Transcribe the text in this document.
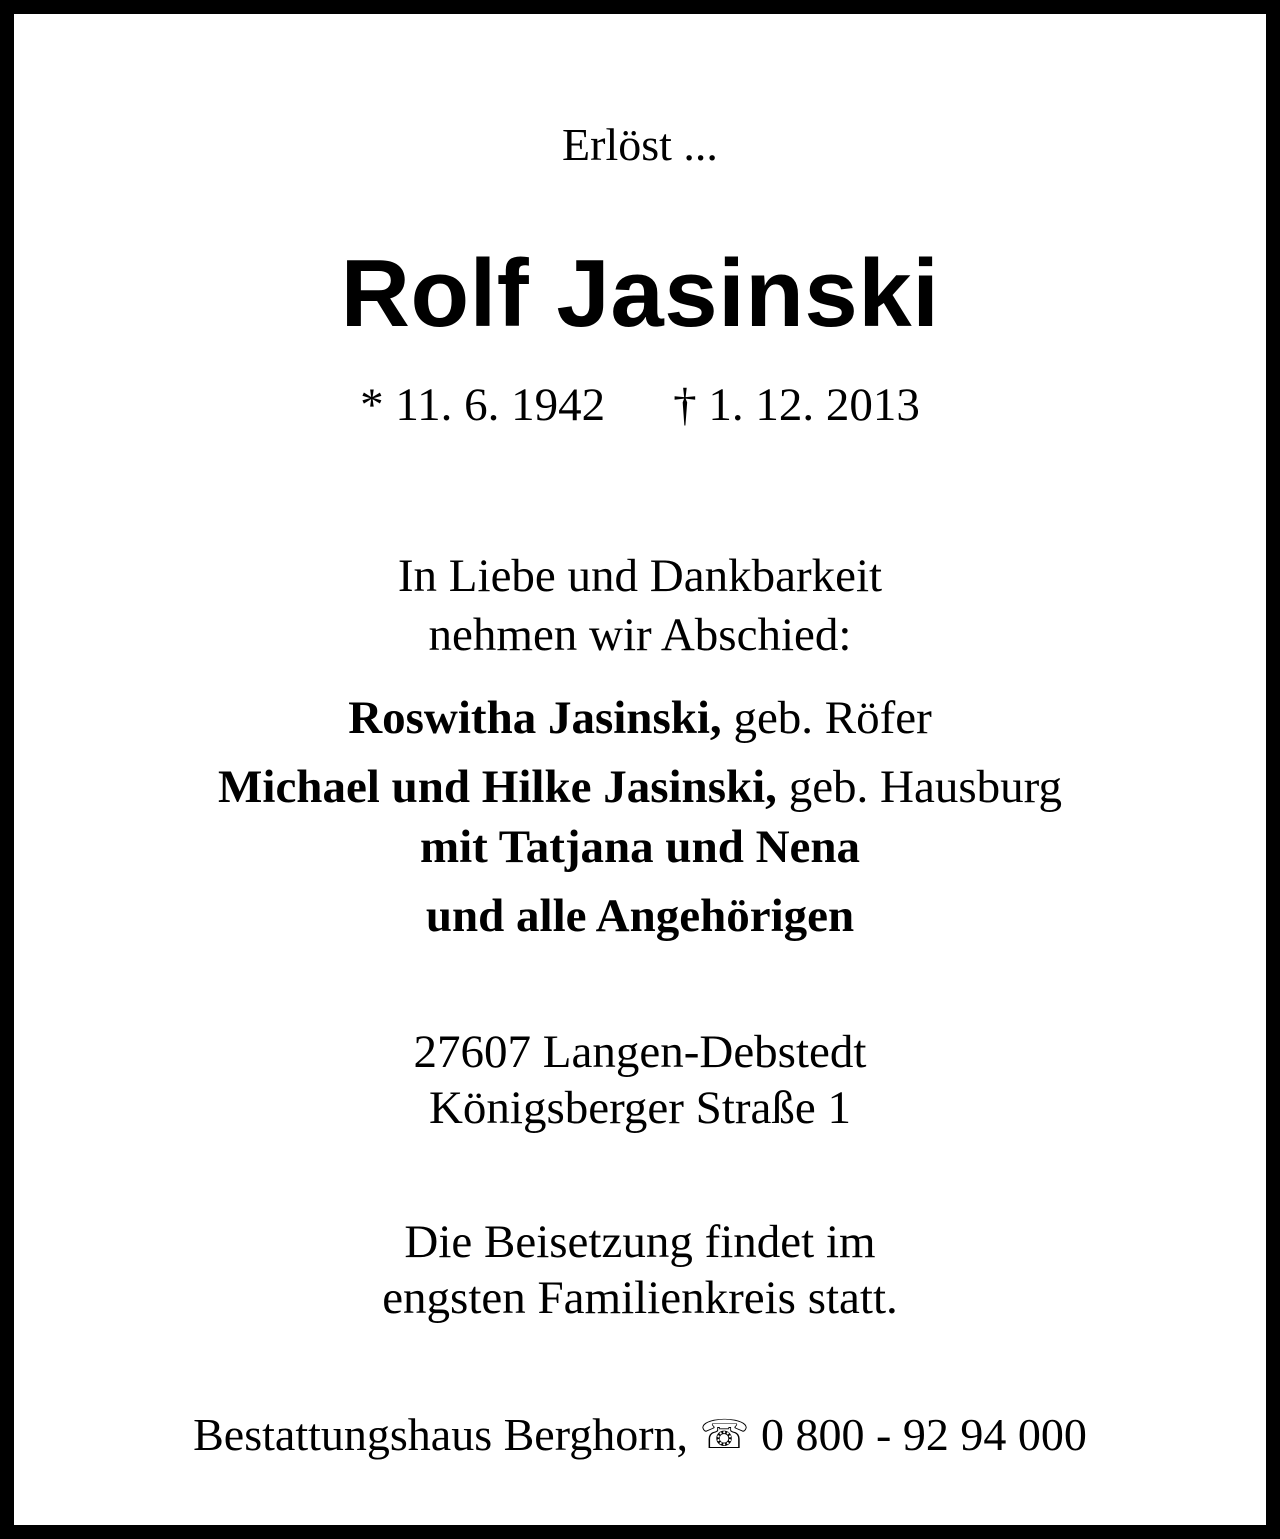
Erlöst ...
Rolf Jasinski
* 11. 6. 1942 † 1. 12. 2013
In Liebe und Dankbarkeit
nehmen wir Abschied:
Roswitha Jasinski, geb. Röfer
Michael und Hilke Jasinski, geb. Hausburg
mit Tatjana und Nena
und alle Angehörigen
27607 Langen-Debstedt
Königsberger Straße 1
Die Beisetzung findet im
engsten Familienkreis statt.
Bestattungshaus Berghorn, ☏ 0 800 - 92 94 000
